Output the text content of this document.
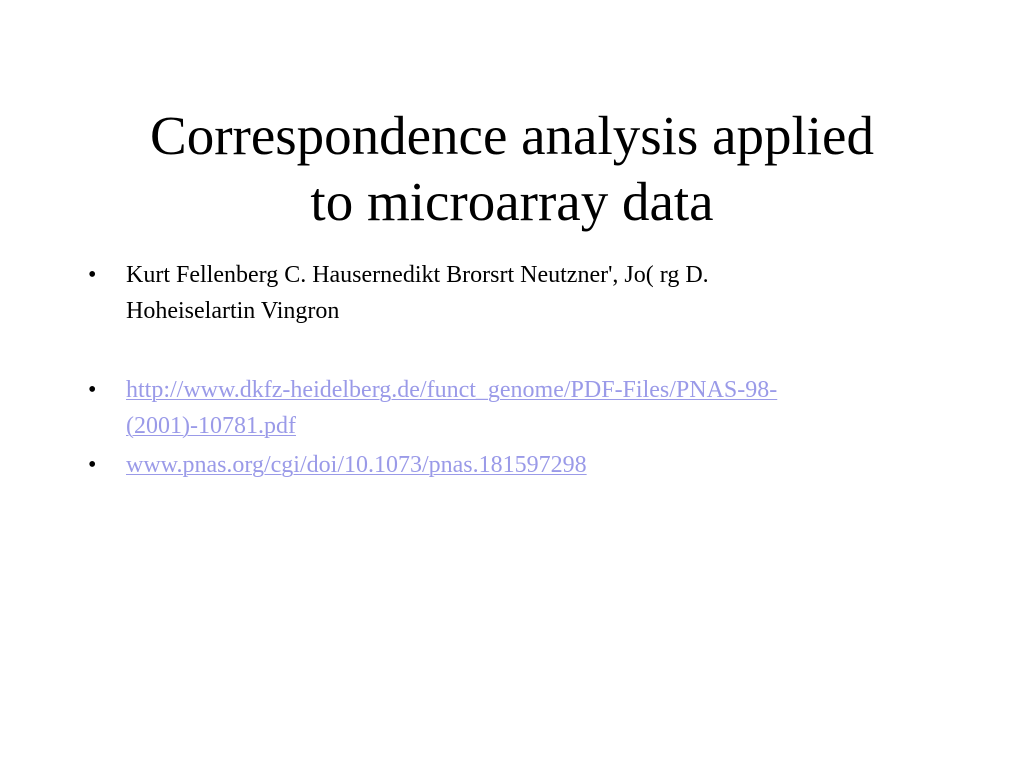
Correspondence analysis applied
to microarray data
• Kurt Fellenberg C. Hausernedikt Brorsrt Neutzner', Jo( rg D.
Hoheiselartin Vingron
• http://www.dkfz-heidelberg.de/funct_genome/PDF-Files/PNAS-98-
(2001)-10781.pdf
• www.pnas.org/cgi/doi/10.1073/pnas.181597298
